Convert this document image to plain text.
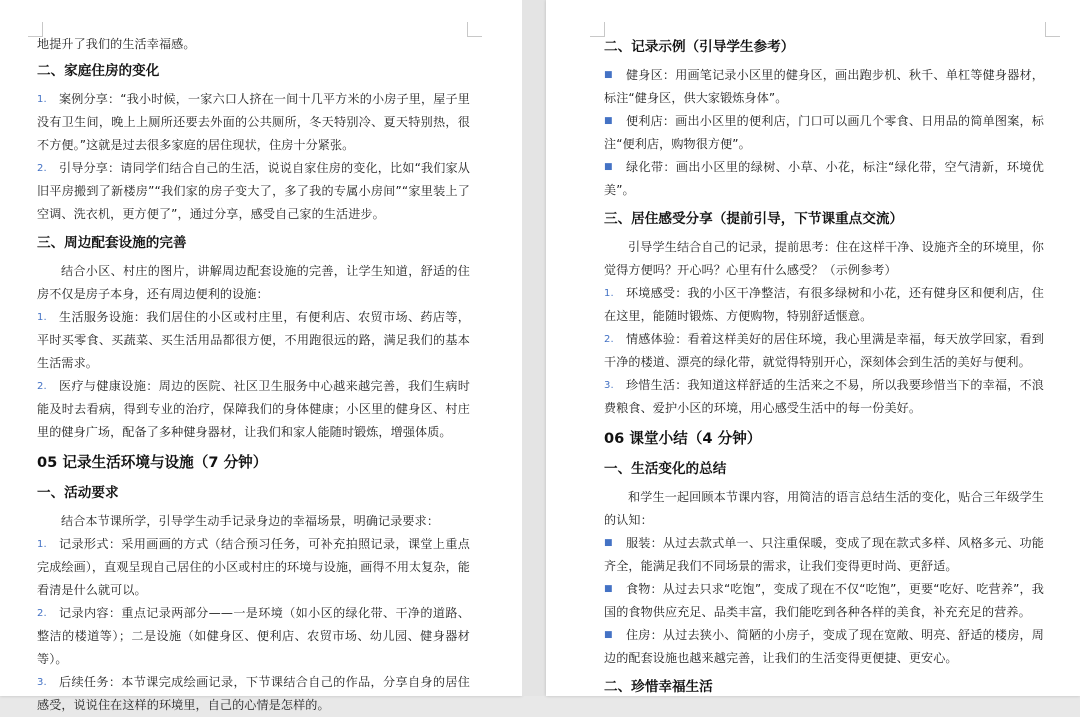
地提升了我们的生活幸福感。

二、家庭住房的变化
1. 案例分享：“我小时候，一家六口人挤在一间十几平方米的小房子里，屋子里没有卫生间，晚上上厕所还要去外面的公共厕所，冬天特别冷、夏天特别热，很不方便。”这就是过去很多家庭的居住现状，住房十分紧张。
2. 引导分享：请同学们结合自己的生活，说说自家住房的变化，比如“我们家从旧平房搬到了新楼房”“我们家的房子变大了，多了我的专属小房间”“家里装上了空调、洗衣机，更方便了”，通过分享，感受自己家的生活进步。
三、周边配套设施的完善

结合小区、村庄的图片，讲解周边配套设施的完善，让学生知道，舒适的住房不仅是房子本身，还有周边便利的设施：

1. 生活服务设施：我们居住的小区或村庄里，有便利店、农贸市场、药店等，平时买零食、买蔬菜、买生活用品都很方便，不用跑很远的路，满足我们的基本生活需求。
2. 医疗与健康设施：周边的医院、社区卫生服务中心越来越完善，我们生病时能及时去看病，得到专业的治疗，保障我们的身体健康；小区里的健身区、村庄里的健身广场，配备了多种健身器材，让我们和家人能随时锻炼，增强体质。
05 记录生活环境与设施（7 分钟）
一、活动要求

结合本节课所学，引导学生动手记录身边的幸福场景，明确记录要求：

1. 记录形式：采用画画的方式（结合预习任务，可补充拍照记录，课堂上重点完成绘画），直观呈现自己居住的小区或村庄的环境与设施，画得不用太复杂，能看清是什么就可以。
2. 记录内容：重点记录两部分——一是环境（如小区的绿化带、干净的道路、整洁的楼道等）；二是设施（如健身区、便利店、农贸市场、幼儿园、健身器材等）。
3. 后续任务：本节课完成绘画记录，下节课结合自己的作品，分享自身的居住感受，说说住在这样的环境里，自己的心情是怎样的。
二、记录示例（引导学生参考）
■ 健身区：用画笔记录小区里的健身区，画出跑步机、秋千、单杠等健身器材，标注“健身区，供大家锻炼身体”。
■ 便利店：画出小区里的便利店，门口可以画几个零食、日用品的简单图案，标注“便利店，购物很方便”。
■ 绿化带：画出小区里的绿树、小草、小花，标注“绿化带，空气清新，环境优美”。
三、居住感受分享（提前引导，下节课重点交流）

引导学生结合自己的记录，提前思考：住在这样干净、设施齐全的环境里，你觉得方便吗？开心吗？心里有什么感受？（示例参考）

1. 环境感受：我的小区干净整洁，有很多绿树和小花，还有健身区和便利店，住在这里，能随时锻炼、方便购物，特别舒适惬意。
2. 情感体验：看着这样美好的居住环境，我心里满是幸福，每天放学回家，看到干净的楼道、漂亮的绿化带，就觉得特别开心，深刻体会到生活的美好与便利。
3. 珍惜生活：我知道这样舒适的生活来之不易，所以我要珍惜当下的幸福，不浪费粮食、爱护小区的环境，用心感受生活中的每一份美好。
06 课堂小结（4 分钟）
一、生活变化的总结

和学生一起回顾本节课内容，用简洁的语言总结生活的变化，贴合三年级学生的认知：

■ 服装：从过去款式单一、只注重保暖，变成了现在款式多样、风格多元、功能齐全，能满足我们不同场景的需求，让我们变得更时尚、更舒适。
■ 食物：从过去只求“吃饱”，变成了现在不仅“吃饱”，更要“吃好、吃营养”，我国的食物供应充足、品类丰富，我们能吃到各种各样的美食，补充充足的营养。
■ 住房：从过去狭小、简陋的小房子，变成了现在宽敞、明亮、舒适的楼房，周边的配套设施也越来越完善，让我们的生活变得更便捷、更安心。
二、珍惜幸福生活
